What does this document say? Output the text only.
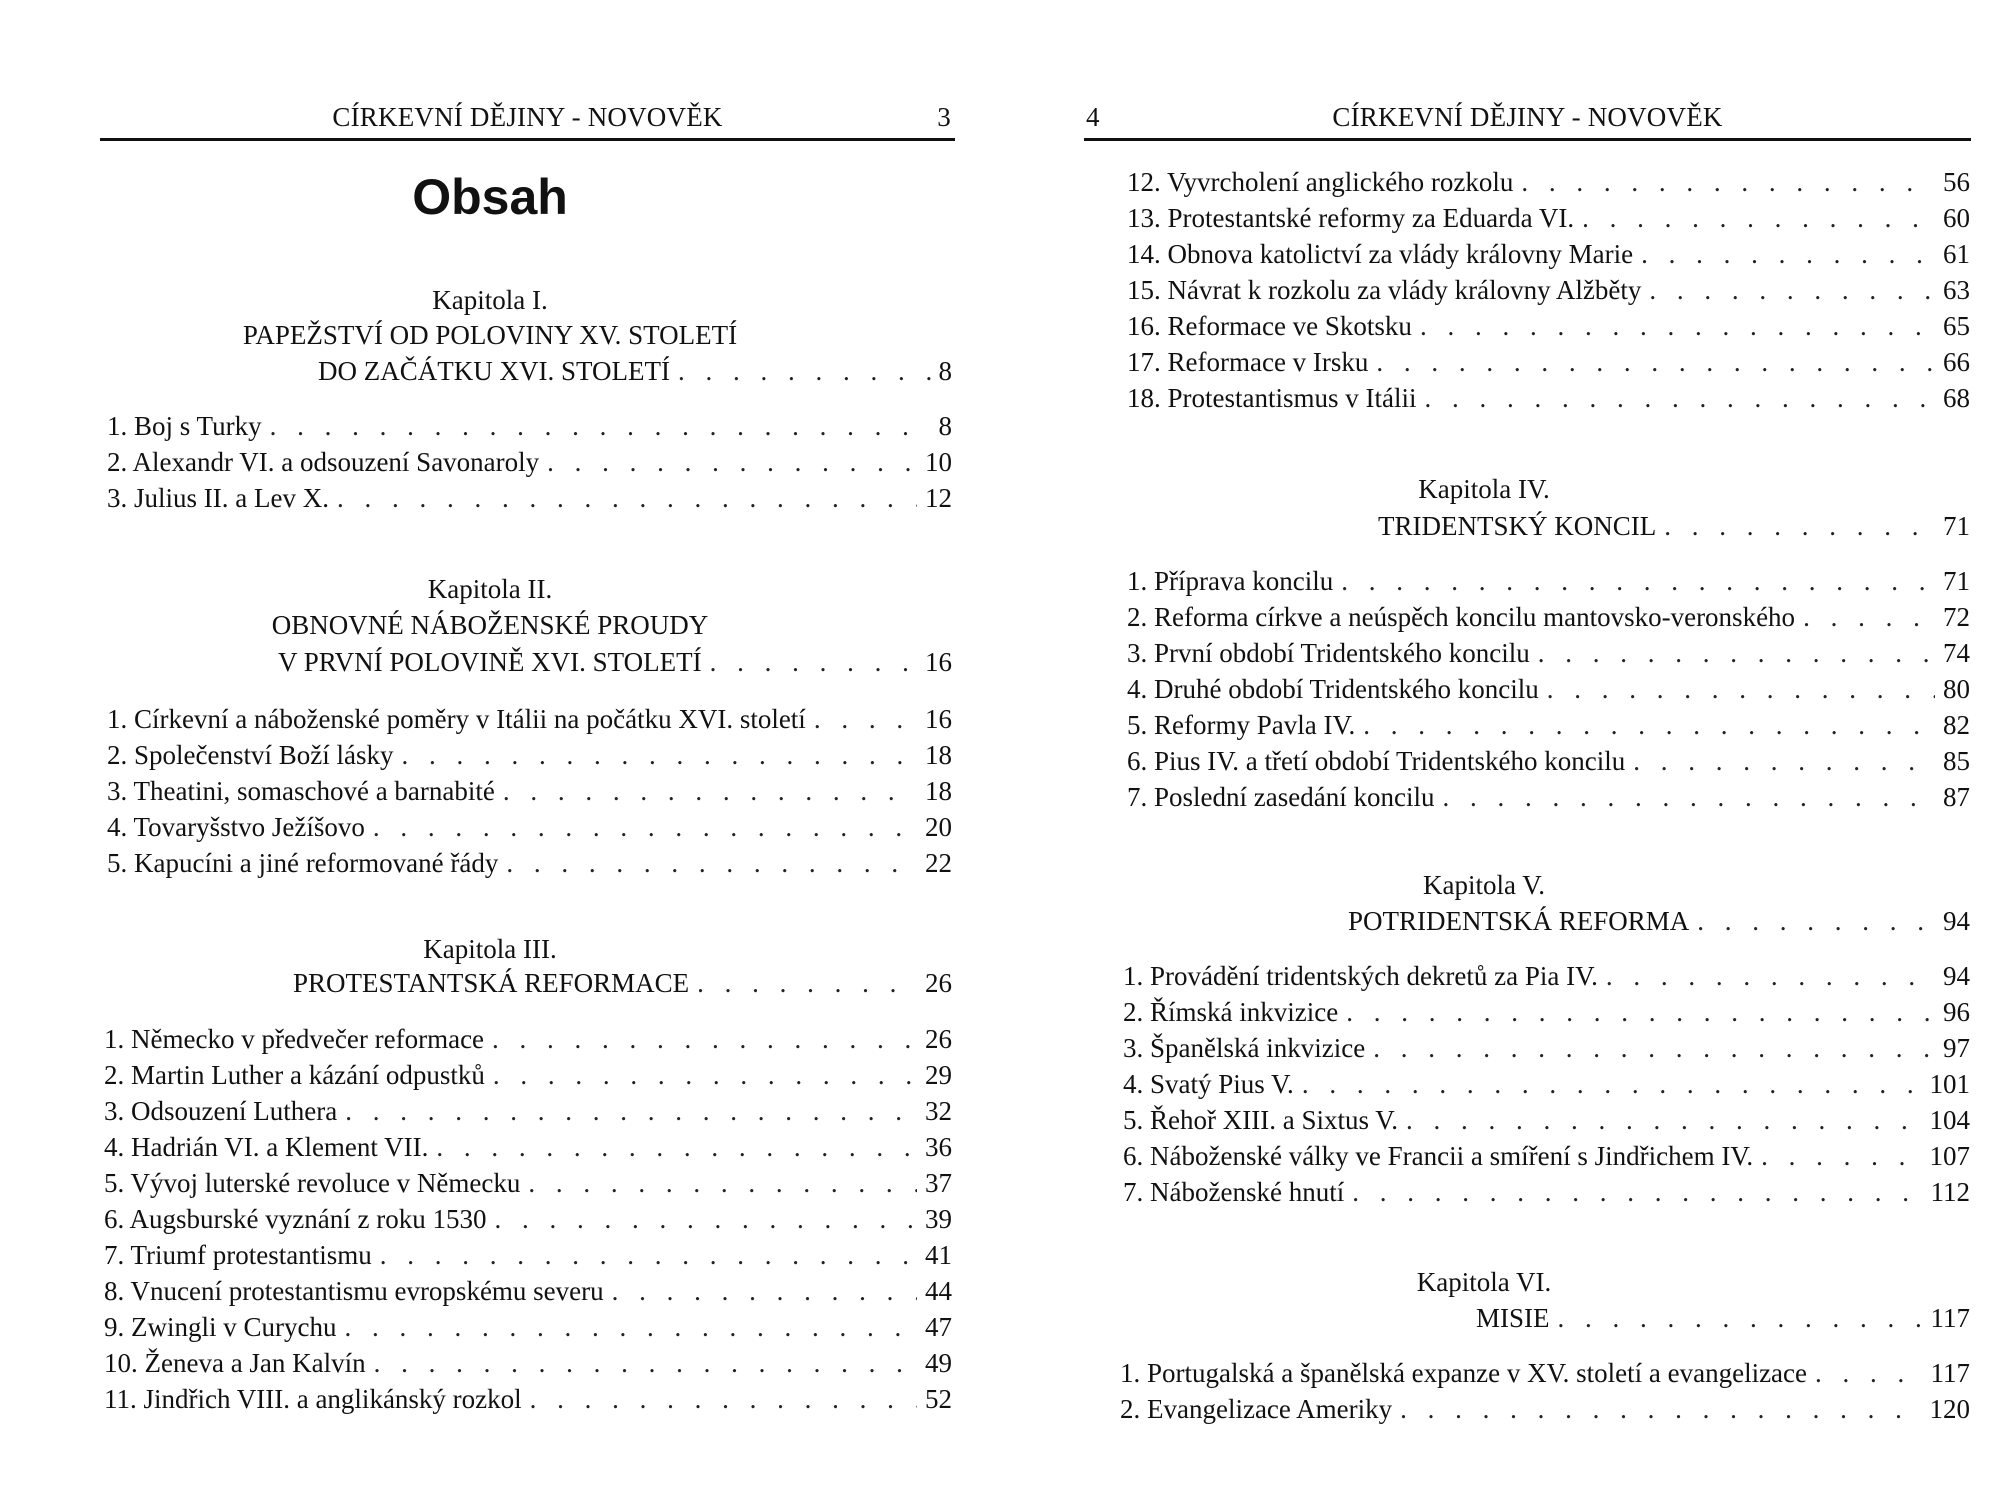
CÍRKEVNÍ DĚJINY - NOVOVĚK	3
Obsah
Kapitola I.
PAPEŽSTVÍ OD POLOVINY XV. STOLETÍ
DO ZAČÁTKU XVI. STOLETÍ . . .	8
1. Boj s Turky . . .	8
2. Alexandr VI. a odsouzení Savonaroly . . .	10
3. Julius II. a Lev X. . . .	12
Kapitola II.
OBNOVNÉ NÁBOŽENSKÉ PROUDY
V PRVNÍ POLOVINĚ XVI. STOLETÍ . . .	16
1. Církevní a náboženské poměry v Itálii na počátku XVI. století . . .	16
2. Společenství Boží lásky . . .	18
3. Theatini, somaschové a barnabité . . .	18
4. Tovaryšstvo Ježíšovo . . .	20
5. Kapucíni a jiné reformované řády . . .	22
Kapitola III.
PROTESTANTSKÁ REFORMACE . . .	26
1. Německo v předvečer reformace . . .	26
2. Martin Luther a kázání odpustků . . .	29
3. Odsouzení Luthera . . .	32
4. Hadrián VI. a Klement VII. . . .	36
5. Vývoj luterské revoluce v Německu . . .	37
6. Augsburské vyznání z roku 1530 . . .	39
7. Triumf protestantismu . . .	41
8. Vnucení protestantismu evropskému severu . . .	44
9. Zwingli v Curychu . . .	47
10. Ženeva a Jan Kalvín . . .	49
11. Jindřich VIII. a anglikánský rozkol . . .	52
4	CÍRKEVNÍ DĚJINY - NOVOVĚK
12. Vyvrcholení anglického rozkolu . . .	56
13. Protestantské reformy za Eduarda VI. . . .	60
14. Obnova katolictví za vlády královny Marie . . .	61
15. Návrat k rozkolu za vlády královny Alžběty . . .	63
16. Reformace ve Skotsku . . .	65
17. Reformace v Irsku . . .	66
18. Protestantismus v Itálii . . .	68
Kapitola IV.
TRIDENTSKÝ KONCIL . . .	71
1. Příprava koncilu . . .	71
2. Reforma církve a neúspěch koncilu mantovsko-veronského . . .	72
3. První období Tridentského koncilu . . .	74
4. Druhé období Tridentského koncilu . . .	80
5. Reformy Pavla IV. . . .	82
6. Pius IV. a třetí období Tridentského koncilu . . .	85
7. Poslední zasedání koncilu . . .	87
Kapitola V.
POTRIDENTSKÁ REFORMA . . .	94
1. Provádění tridentských dekretů za Pia IV. . . .	94
2. Římská inkvizice . . .	96
3. Španělská inkvizice . . .	97
4. Svatý Pius V. . . .	101
5. Řehoř XIII. a Sixtus V. . . .	104
6. Náboženské války ve Francii a smíření s Jindřichem IV. . . .	107
7. Náboženské hnutí . . .	112
Kapitola VI.
MISIE . . .	117
1. Portugalská a španělská expanze v XV. století a evangelizace . . .	117
2. Evangelizace Ameriky . . .	120
